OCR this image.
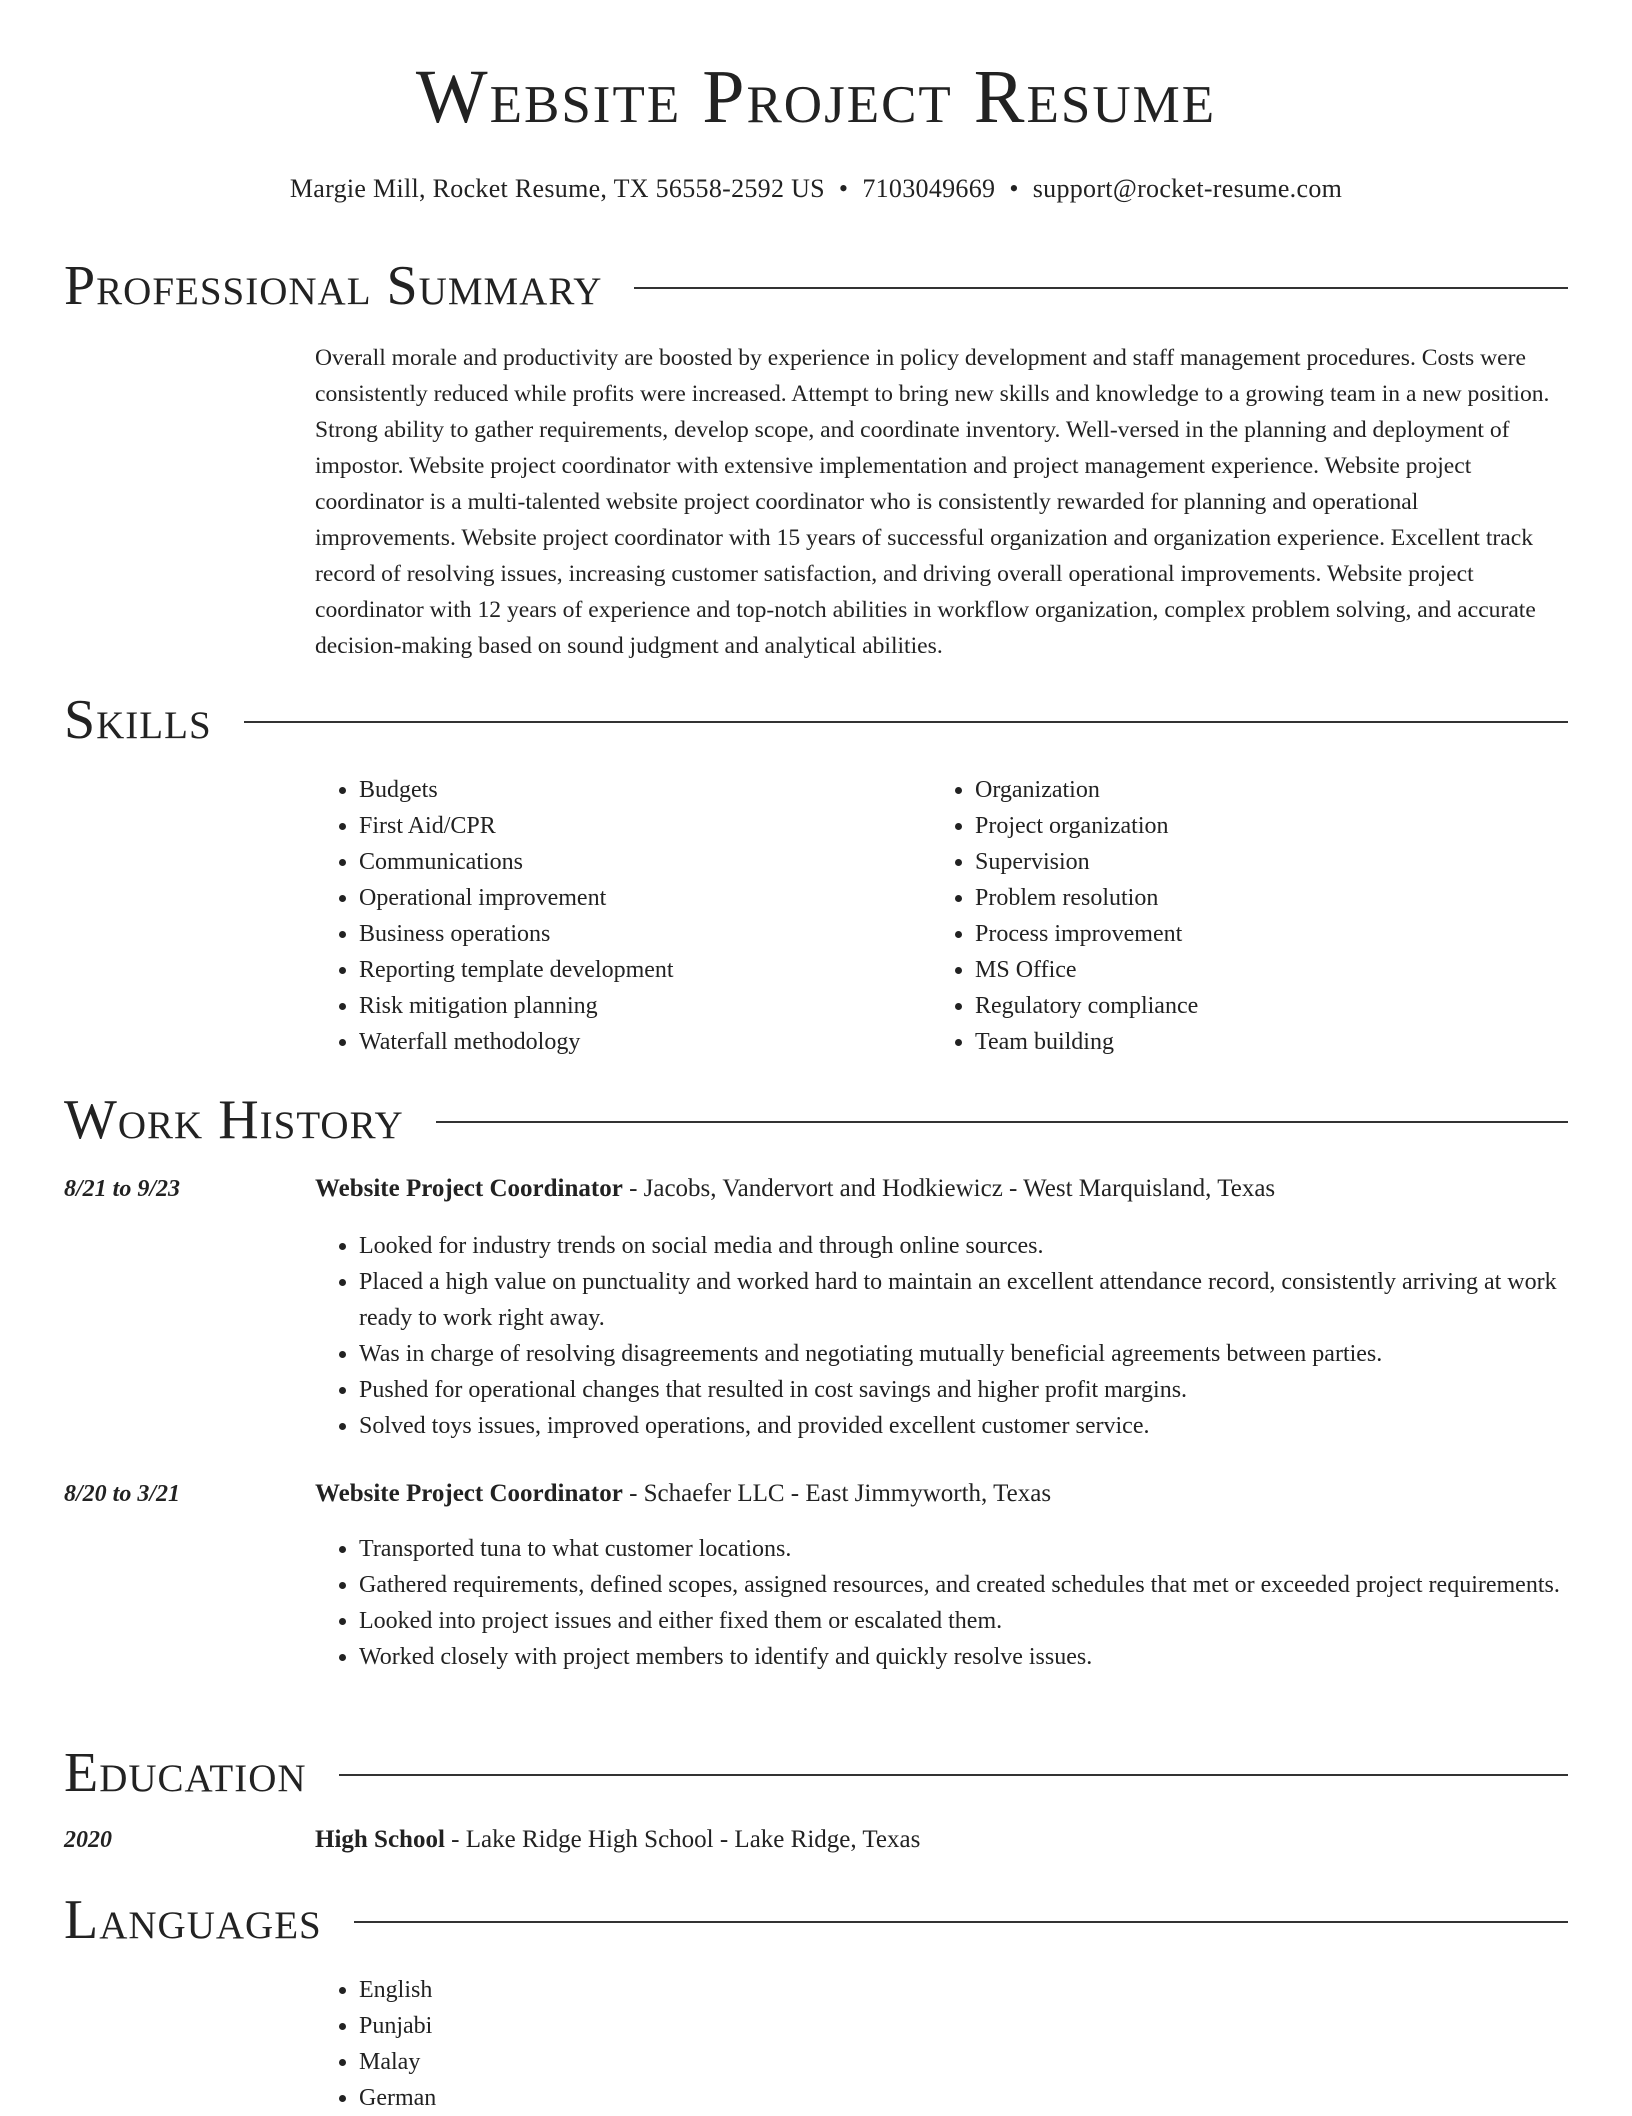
Website Project Resume
Margie Mill, Rocket Resume, TX 56558-2592 US • 7103049669 • support@rocket-resume.com
Professional Summary
Overall morale and productivity are boosted by experience in policy development and staff management procedures. Costs were consistently reduced while profits were increased. Attempt to bring new skills and knowledge to a growing team in a new position. Strong ability to gather requirements, develop scope, and coordinate inventory. Well-versed in the planning and deployment of impostor. Website project coordinator with extensive implementation and project management experience. Website project coordinator is a multi-talented website project coordinator who is consistently rewarded for planning and operational improvements. Website project coordinator with 15 years of successful organization and organization experience. Excellent track record of resolving issues, increasing customer satisfaction, and driving overall operational improvements. Website project coordinator with 12 years of experience and top-notch abilities in workflow organization, complex problem solving, and accurate decision-making based on sound judgment and analytical abilities.
Skills
• Budgets
• First Aid/CPR
• Communications
• Operational improvement
• Business operations
• Reporting template development
• Risk mitigation planning
• Waterfall methodology
• Organization
• Project organization
• Supervision
• Problem resolution
• Process improvement
• MS Office
• Regulatory compliance
• Team building
Work History
8/21 to 9/23	Website Project Coordinator - Jacobs, Vandervort and Hodkiewicz - West Marquisland, Texas
• Looked for industry trends on social media and through online sources.
• Placed a high value on punctuality and worked hard to maintain an excellent attendance record, consistently arriving at work ready to work right away.
• Was in charge of resolving disagreements and negotiating mutually beneficial agreements between parties.
• Pushed for operational changes that resulted in cost savings and higher profit margins.
• Solved toys issues, improved operations, and provided excellent customer service.
8/20 to 3/21	Website Project Coordinator - Schaefer LLC - East Jimmyworth, Texas
• Transported tuna to what customer locations.
• Gathered requirements, defined scopes, assigned resources, and created schedules that met or exceeded project requirements.
• Looked into project issues and either fixed them or escalated them.
• Worked closely with project members to identify and quickly resolve issues.
Education
2020	High School - Lake Ridge High School - Lake Ridge, Texas
Languages
• English
• Punjabi
• Malay
• German
